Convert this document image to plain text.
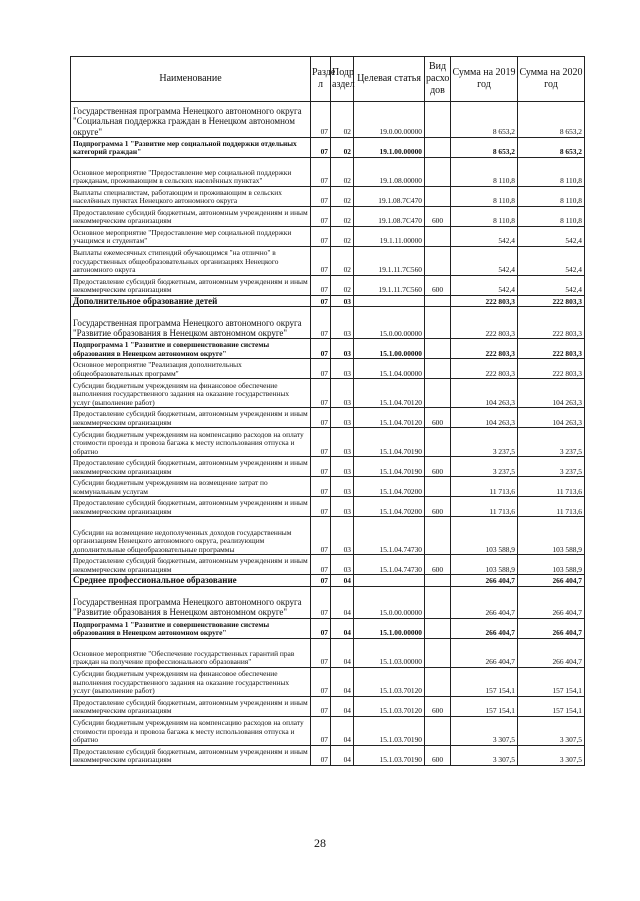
Наименование	Разде л	Подр аздел	Целевая статья	Вид расхо дов	Сумма на 2019 год	Сумма на 2020 год
Государственная программа Ненецкого автономного округа "Социальная поддержка граждан в Ненецком автономном округе"	07	02	19.0.00.00000		8 653,2	8 653,2
Подпрограмма 1 "Развитие мер социальной поддержки отдельных категорий граждан"	07	02	19.1.00.00000		8 653,2	8 653,2
Основное мероприятие "Предоставление мер социальной поддержки гражданам, проживающим в сельских населённых пунктах"	07	02	19.1.08.00000		8 110,8	8 110,8
Выплаты специалистам, работающим и проживающим в сельских населённых пунктах Ненецкого автономного округа	07	02	19.1.08.7С470		8 110,8	8 110,8
Предоставление субсидий бюджетным, автономным учреждениям и иным некоммерческим организациям	07	02	19.1.08.7С470	600	8 110,8	8 110,8
Основное мероприятие "Предоставление мер социальной поддержки учащимся и студентам"	07	02	19.1.11.00000		542,4	542,4
Выплаты ежемесячных стипендий обучающимся "на отлично" в государственных общеобразовательных организациях Ненецкого автономного округа	07	02	19.1.11.7С560		542,4	542,4
Предоставление субсидий бюджетным, автономным учреждениям и иным некоммерческим организациям	07	02	19.1.11.7С560	600	542,4	542,4
Дополнительное образование детей	07	03			222 803,3	222 803,3
Государственная программа Ненецкого автономного округа "Развитие образования в Ненецком автономном округе"	07	03	15.0.00.00000		222 803,3	222 803,3
Подпрограмма 1 "Развитие и совершенствование системы образования в Ненецком автономном округе"	07	03	15.1.00.00000		222 803,3	222 803,3
Основное мероприятие "Реализация дополнительных общеобразовательных программ"	07	03	15.1.04.00000		222 803,3	222 803,3
Субсидии бюджетным учреждениям на финансовое обеспечение выполнения государственного задания на оказание государственных услуг (выполнение работ)	07	03	15.1.04.70120		104 263,3	104 263,3
Предоставление субсидий бюджетным, автономным учреждениям и иным некоммерческим организациям	07	03	15.1.04.70120	600	104 263,3	104 263,3
Субсидии бюджетным учреждениям на компенсацию расходов на оплату стоимости проезда и провоза багажа к месту использования отпуска и обратно	07	03	15.1.04.70190		3 237,5	3 237,5
Предоставление субсидий бюджетным, автономным учреждениям и иным некоммерческим организациям	07	03	15.1.04.70190	600	3 237,5	3 237,5
Субсидии бюджетным учреждениям на возмещение затрат по коммунальным услугам	07	03	15.1.04.70200		11 713,6	11 713,6
Предоставление субсидий бюджетным, автономным учреждениям и иным некоммерческим организациям	07	03	15.1.04.70200	600	11 713,6	11 713,6
Субсидии на возмещение недополученных доходов государственным организациям Ненецкого автономного округа, реализующим дополнительные общеобразовательные программы	07	03	15.1.04.74730		103 588,9	103 588,9
Предоставление субсидий бюджетным, автономным учреждениям и иным некоммерческим организациям	07	03	15.1.04.74730	600	103 588,9	103 588,9
Среднее профессиональное образование	07	04			266 404,7	266 404,7
Государственная программа Ненецкого автономного округа "Развитие образования в Ненецком автономном округе"	07	04	15.0.00.00000		266 404,7	266 404,7
Подпрограмма 1 "Развитие и совершенствование системы образования в Ненецком автономном округе"	07	04	15.1.00.00000		266 404,7	266 404,7
Основное мероприятие "Обеспечение государственных гарантий прав граждан на получение профессионального образования"	07	04	15.1.03.00000		266 404,7	266 404,7
Субсидии бюджетным учреждениям на финансовое обеспечение выполнения государственного задания на оказание государственных услуг (выполнение работ)	07	04	15.1.03.70120		157 154,1	157 154,1
Предоставление субсидий бюджетным, автономным учреждениям и иным некоммерческим организациям	07	04	15.1.03.70120	600	157 154,1	157 154,1
Субсидии бюджетным учреждениям на компенсацию расходов на оплату стоимости проезда и провоза багажа к месту использования отпуска и обратно	07	04	15.1.03.70190		3 307,5	3 307,5
Предоставление субсидий бюджетным, автономным учреждениям и иным некоммерческим организациям	07	04	15.1.03.70190	600	3 307,5	3 307,5
28
